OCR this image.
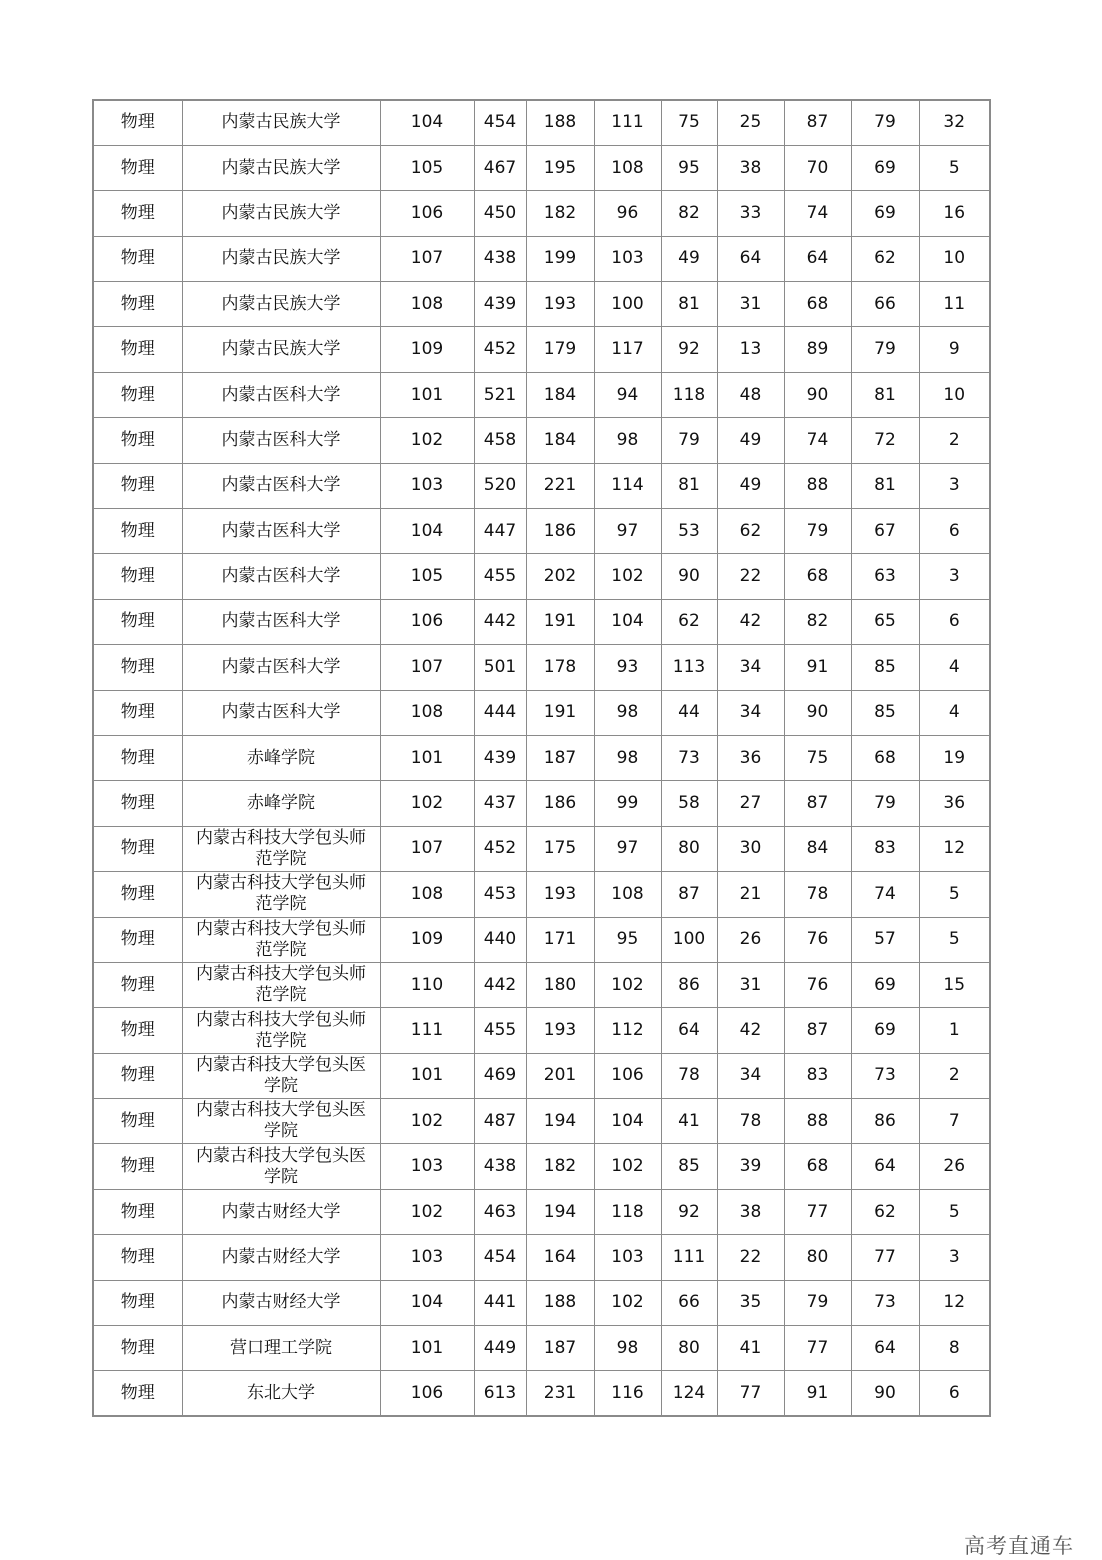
物理	内蒙古民族大学	104	454	188	111	75	25	87	79	32
物理	内蒙古民族大学	105	467	195	108	95	38	70	69	5
物理	内蒙古民族大学	106	450	182	96	82	33	74	69	16
物理	内蒙古民族大学	107	438	199	103	49	64	64	62	10
物理	内蒙古民族大学	108	439	193	100	81	31	68	66	11
物理	内蒙古民族大学	109	452	179	117	92	13	89	79	9
物理	内蒙古医科大学	101	521	184	94	118	48	90	81	10
物理	内蒙古医科大学	102	458	184	98	79	49	74	72	2
物理	内蒙古医科大学	103	520	221	114	81	49	88	81	3
物理	内蒙古医科大学	104	447	186	97	53	62	79	67	6
物理	内蒙古医科大学	105	455	202	102	90	22	68	63	3
物理	内蒙古医科大学	106	442	191	104	62	42	82	65	6
物理	内蒙古医科大学	107	501	178	93	113	34	91	85	4
物理	内蒙古医科大学	108	444	191	98	44	34	90	85	4
物理	赤峰学院	101	439	187	98	73	36	75	68	19
物理	赤峰学院	102	437	186	99	58	27	87	79	36
物理	内蒙古科技大学包头师范学院	107	452	175	97	80	30	84	83	12
物理	内蒙古科技大学包头师范学院	108	453	193	108	87	21	78	74	5
物理	内蒙古科技大学包头师范学院	109	440	171	95	100	26	76	57	5
物理	内蒙古科技大学包头师范学院	110	442	180	102	86	31	76	69	15
物理	内蒙古科技大学包头师范学院	111	455	193	112	64	42	87	69	1
物理	内蒙古科技大学包头医学院	101	469	201	106	78	34	83	73	2
物理	内蒙古科技大学包头医学院	102	487	194	104	41	78	88	86	7
物理	内蒙古科技大学包头医学院	103	438	182	102	85	39	68	64	26
物理	内蒙古财经大学	102	463	194	118	92	38	77	62	5
物理	内蒙古财经大学	103	454	164	103	111	22	80	77	3
物理	内蒙古财经大学	104	441	188	102	66	35	79	73	12
物理	营口理工学院	101	449	187	98	80	41	77	64	8
物理	东北大学	106	613	231	116	124	77	91	90	6
高考直通车
